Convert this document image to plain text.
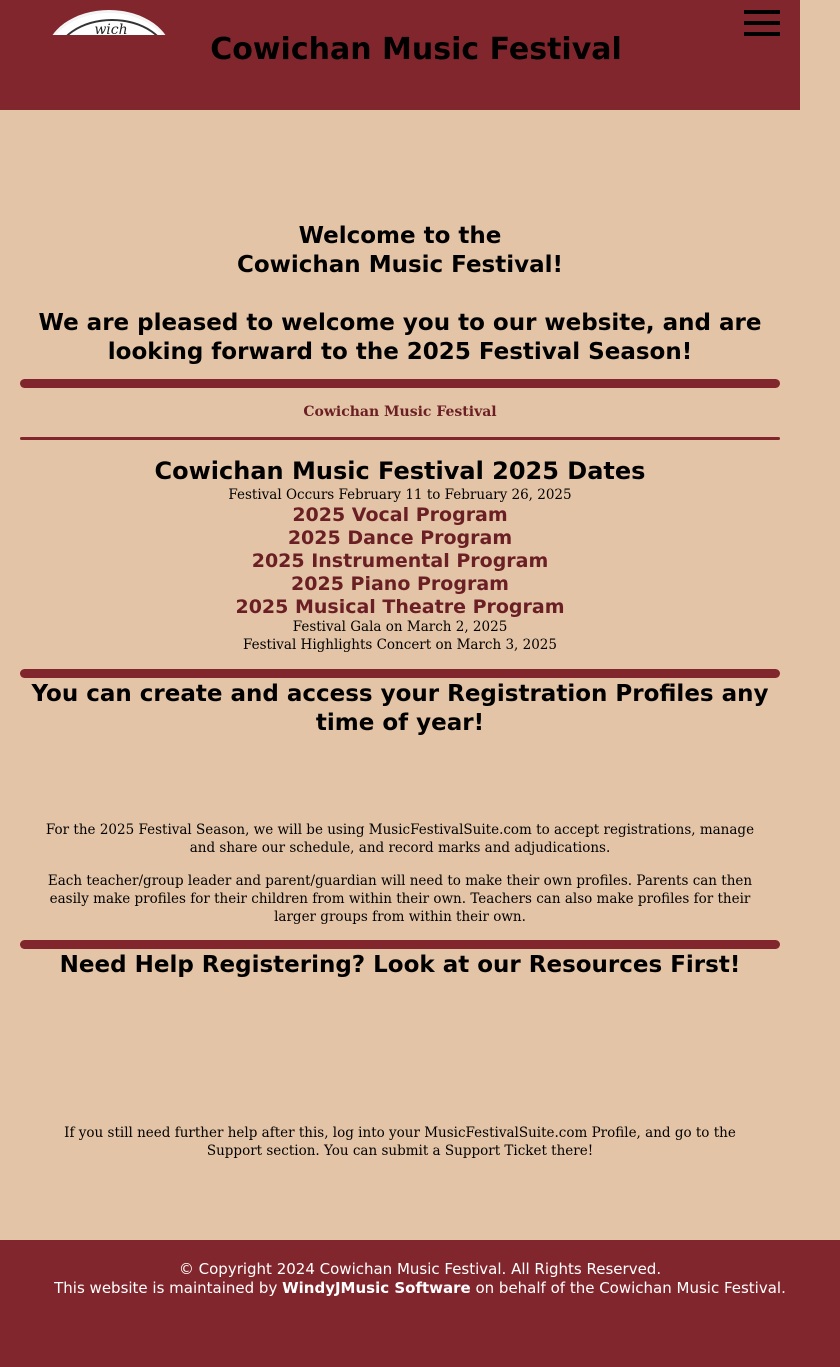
wich
Cowichan Music Festival
Welcome to the
Cowichan Music Festival!
We are pleased to welcome you to our website, and are
looking forward to the 2025 Festival Season!
Cowichan Music Festival
Cowichan Music Festival 2025 Dates
Festival Occurs February 11 to February 26, 2025
2025 Vocal Program
2025 Dance Program
2025 Instrumental Program
2025 Piano Program
2025 Musical Theatre Program
Festival Gala on March 2, 2025
Festival Highlights Concert on March 3, 2025
You can create and access your Registration Profiles any time of year!

For the 2025 Festival Season, we will be using MusicFestivalSuite.com to accept registrations, manage and share our schedule, and record marks and adjudications.

Each teacher/group leader and parent/guardian will need to make their own profiles. Parents can then easily make profiles for their children from within their own. Teachers can also make profiles for their larger groups from within their own.

Need Help Registering? Look at our Resources First!

If you still need further help after this, log into your MusicFestivalSuite.com Profile, and go to the Support section. You can submit a Support Ticket there!

© Copyright 2024 Cowichan Music Festival. All Rights Reserved.
This website is maintained by WindyJMusic Software on behalf of the Cowichan Music Festival.
